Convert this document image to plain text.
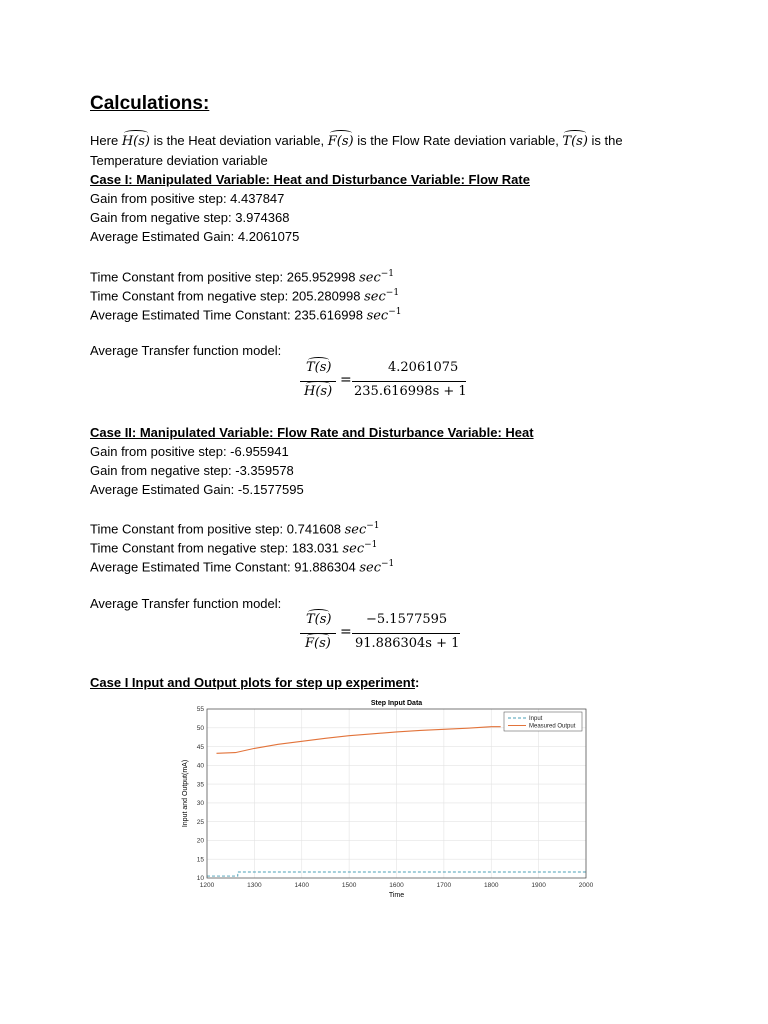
Calculations:
Here H(s) is the Heat deviation variable, F(s) is the Flow Rate deviation variable, T(s) is the
Temperature deviation variable
Case I: Manipulated Variable: Heat and Disturbance Variable: Flow Rate
Gain from positive step: 4.437847
Gain from negative step: 3.974368
Average Estimated Gain: 4.2061075
Time Constant from positive step: 265.952998 $\sec^{-1}$
Time Constant from negative step: 205.280998 $\sec^{-1}$
Average Estimated Time Constant: 235.616998 $\sec^{-1}$
Average Transfer function model:
T(s)
H(s)
=
4.2061075
235.616998s + 1
Case II: Manipulated Variable: Flow Rate and Disturbance Variable: Heat
Gain from positive step: -6.955941
Gain from negative step: -3.359578
Average Estimated Gain: -5.1577595
Time Constant from positive step: 0.741608 $\sec^{-1}$
Time Constant from negative step: 183.031 $\sec^{-1}$
Average Estimated Time Constant: 91.886304 $\sec^{-1}$
Average Transfer function model:
T(s)
F(s)
=
−5.1577595
91.886304s + 1
Case I Input and Output plots for step up experiment:
Step Input Data
1200	1300	1400	1500	1600	1700	1800	1900	2000
10
15
20
25
30
35
40
45
50
55
Time
Input and Output(mA)
Input
Measured Output
